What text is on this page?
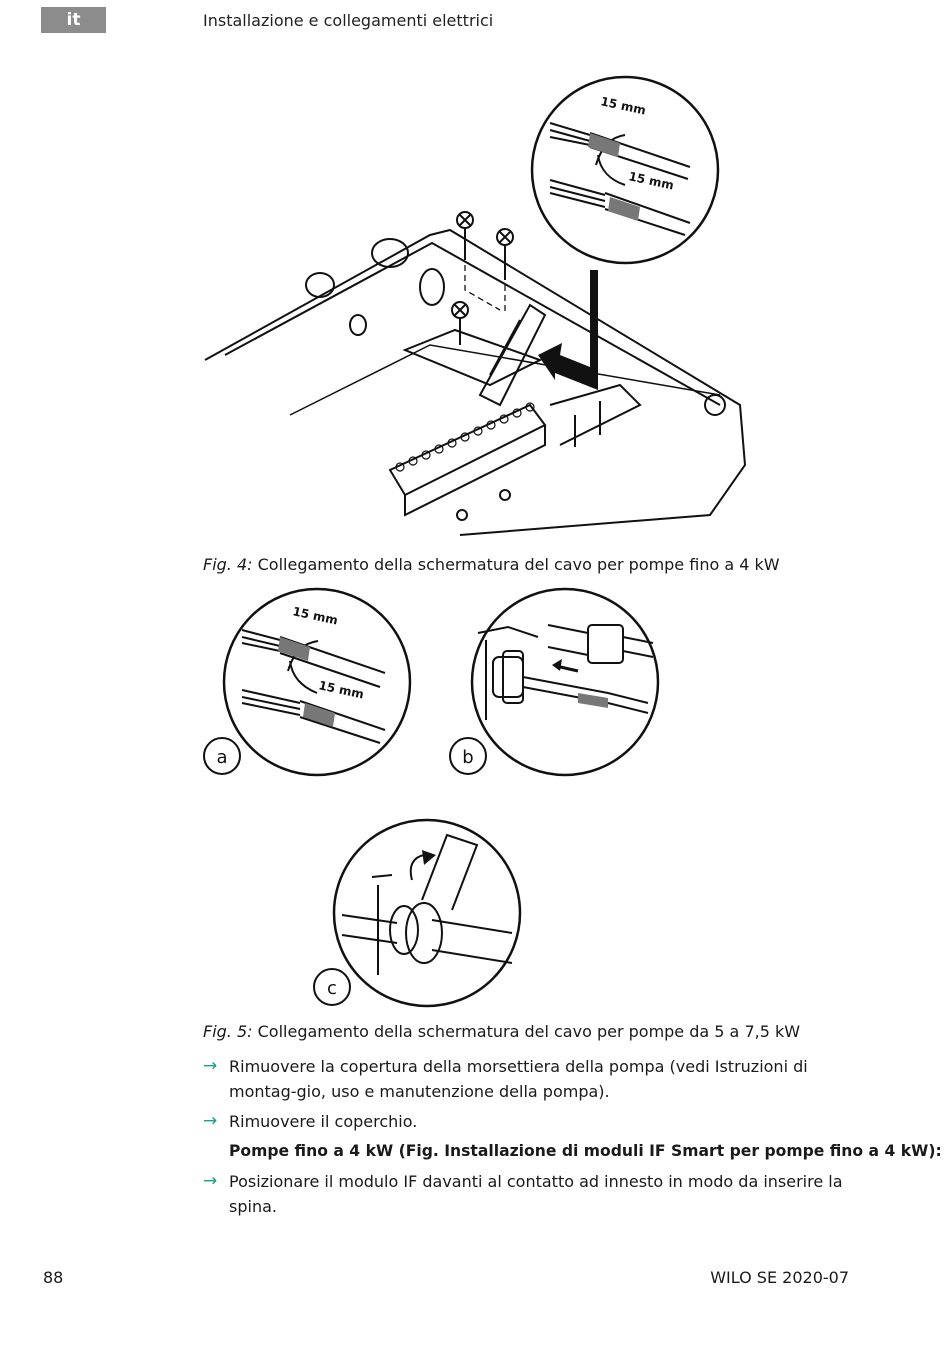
it	Installazione e collegamenti elettrici
15 mm
15 mm
Fig. 4: Collegamento della schermatura del cavo per pompe fino a 4 kW
15 mm
15 mm
a	b
c
Fig. 5: Collegamento della schermatura del cavo per pompe da 5 a 7,5 kW
→ Rimuovere la copertura della morsettiera della pompa (vedi Istruzioni di montag-gio, uso e manutenzione della pompa).
→ Rimuovere il coperchio.
Pompe fino a 4 kW (Fig. Installazione di moduli IF Smart per pompe fino a 4 kW):
→ Posizionare il modulo IF davanti al contatto ad innesto in modo da inserire la spina.
88	WILO SE 2020-07
